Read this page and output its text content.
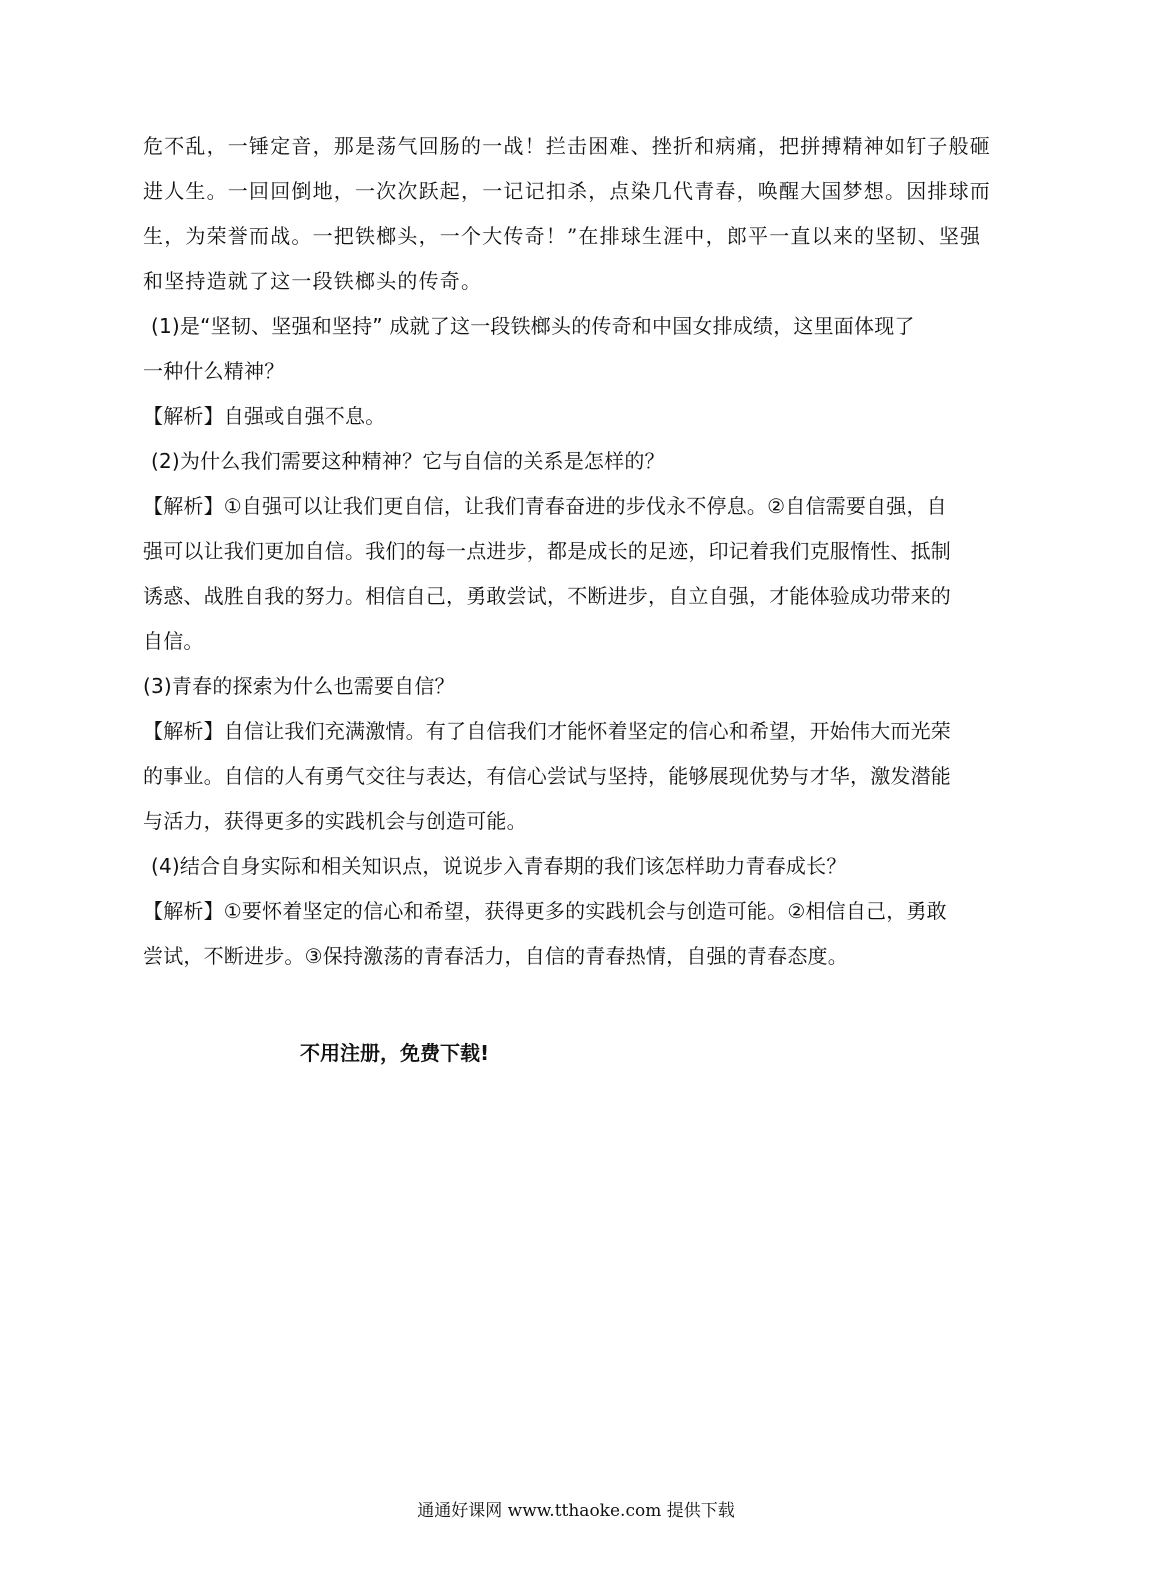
危不乱，一锤定音，那是荡气回肠的一战！拦击困难、挫折和病痛，把拼搏精神如钉子般砸
进人生。一回回倒地，一次次跃起，一记记扣杀，点染几代青春，唤醒大国梦想。因排球而
生，为荣誉而战。一把铁榔头，一个大传奇！”在排球生涯中，郎平一直以来的坚韧、坚强
和坚持造就了这一段铁榔头的传奇。
(1)是“坚韧、坚强和坚持” 成就了这一段铁榔头的传奇和中国女排成绩，这里面体现了
一种什么精神？
【解析】自强或自强不息。
(2)为什么我们需要这种精神？它与自信的关系是怎样的？
【解析】①自强可以让我们更自信，让我们青春奋进的步伐永不停息。②自信需要自强，自
强可以让我们更加自信。我们的每一点进步，都是成长的足迹，印记着我们克服惰性、抵制
诱惑、战胜自我的努力。相信自己，勇敢尝试，不断进步，自立自强，才能体验成功带来的
自信。
(3)青春的探索为什么也需要自信？
【解析】自信让我们充满激情。有了自信我们才能怀着坚定的信心和希望，开始伟大而光荣
的事业。自信的人有勇气交往与表达，有信心尝试与坚持，能够展现优势与才华，激发潜能
与活力，获得更多的实践机会与创造可能。
(4)结合自身实际和相关知识点，说说步入青春期的我们该怎样助力青春成长？
【解析】①要怀着坚定的信心和希望，获得更多的实践机会与创造可能。②相信自己，勇敢
尝试，不断进步。③保持激荡的青春活力，自信的青春热情，自强的青春态度。
不用注册，免费下载!
通通好课网 www.tthaoke.com 提供下载
